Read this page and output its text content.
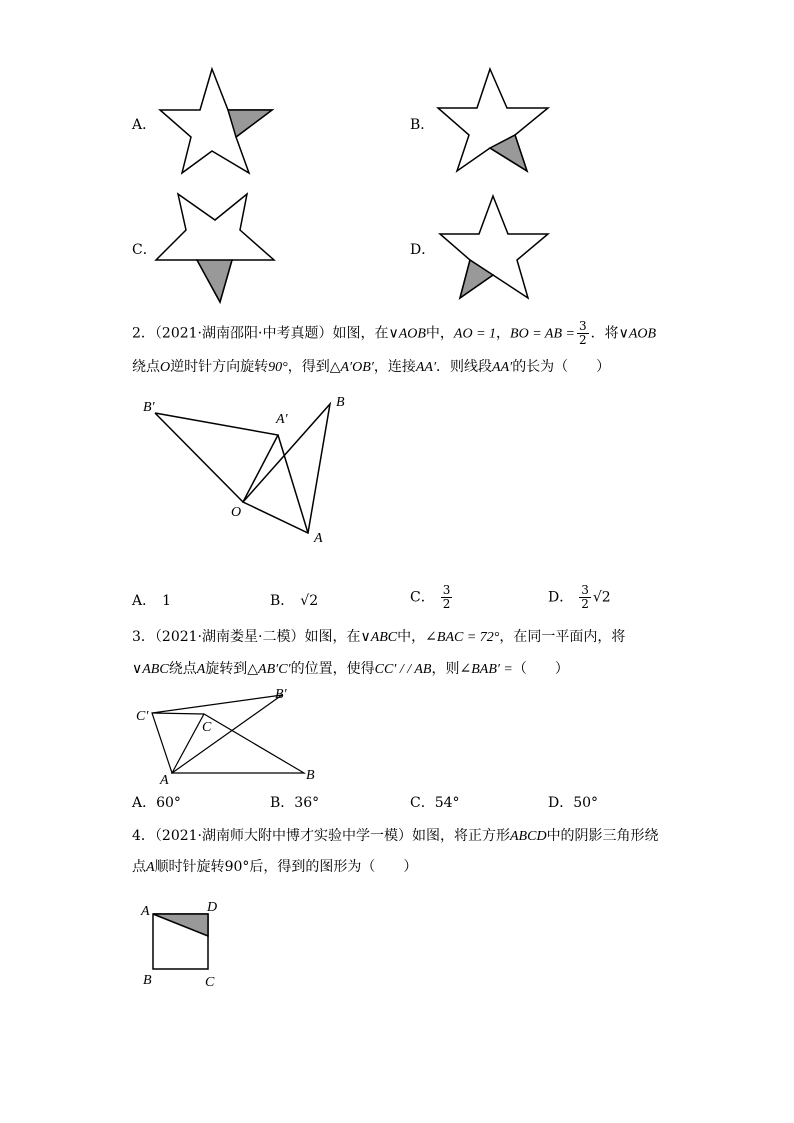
A．	B．
C．	D．
2．（2021·湖南邵阳·中考真题）如图，在∨AOB中，AO = 1，BO = AB = $\frac{3}{2}$ ．将∨AOB
绕点O逆时针方向旋转90°，得到△A′OB′，连接AA′．则线段AA′的长为（　　）
B′
A′
B
O
A
A． 1	B． √2	C． $\frac{3}{2}$	D． $\frac{3}{2} √2$
3．（2021·湖南娄星·二模）如图，在∨ABC中，∠BAC = 72°，在同一平面内，将
∨ABC绕点A旋转到△AB′C′的位置，使得CC′ / / AB，则∠BAB′ =（　　）
C′
B′
C
A	B
A．60°	B．36°	C．54°	D．50°
4．（2021·湖南师大附中博才实验中学一模）如图，将正方形ABCD中的阴影三角形绕
点A顺时针旋转90°后，得到的图形为（　　）
A	D
B	C
